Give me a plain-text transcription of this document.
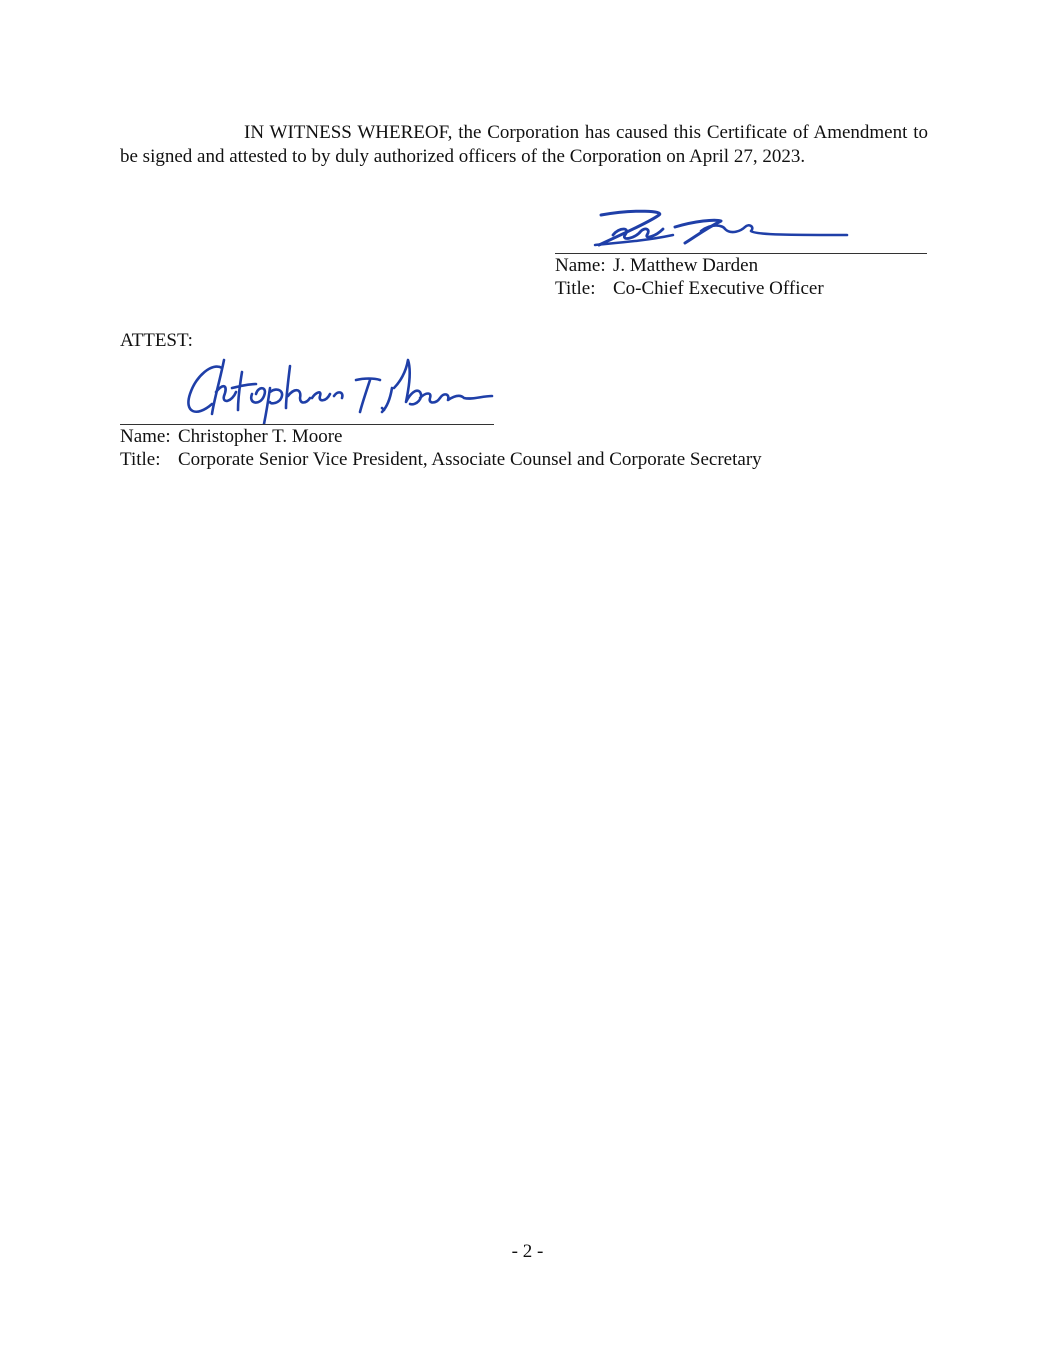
IN WITNESS WHEREOF, the Corporation has caused this Certificate of Amendment to be signed and attested to by duly authorized officers of the Corporation on April 27, 2023.

Name: J. Matthew Darden
Title: Co-Chief Executive Officer
ATTEST:
Name: Christopher T. Moore
Title: Corporate Senior Vice President, Associate Counsel and Corporate Secretary
- 2 -
